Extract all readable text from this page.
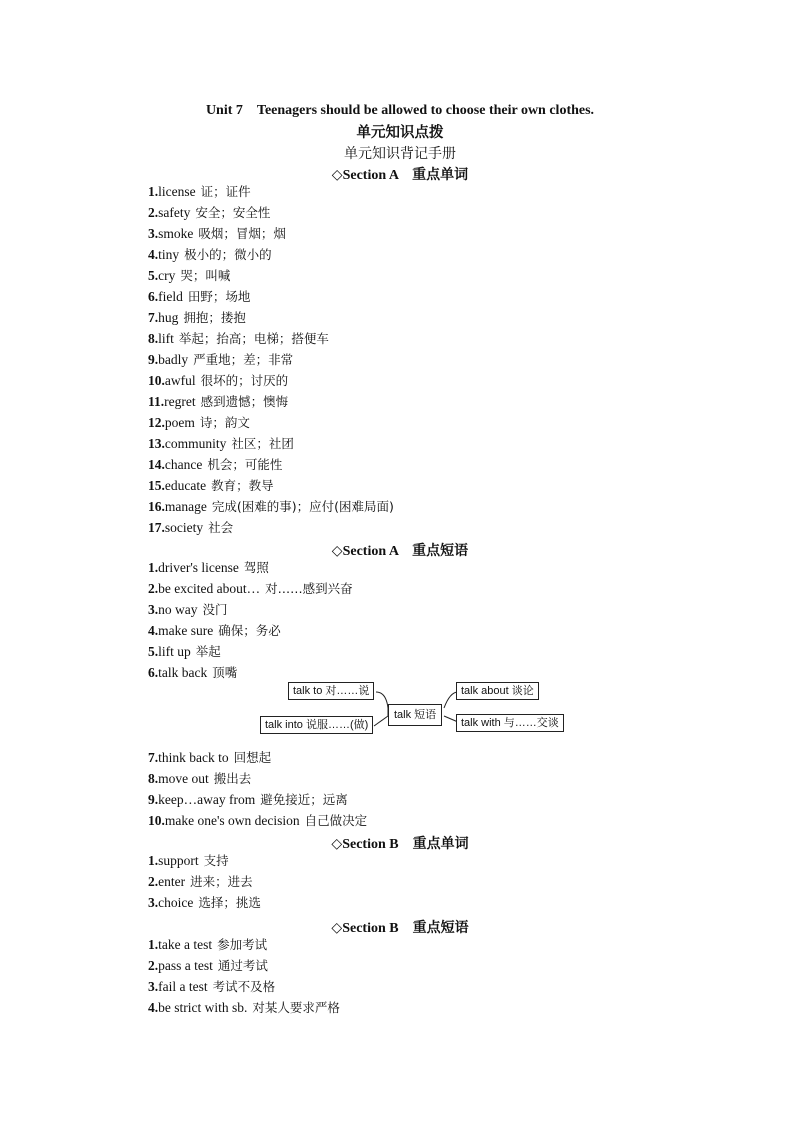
Unit 7　Teenagers should be allowed to choose their own clothes.
单元知识点拨
单元知识背记手册
◇Section A　重点单词
1.license 证；证件
2.safety 安全；安全性
3.smoke 吸烟；冒烟；烟
4.tiny 极小的；微小的
5.cry 哭；叫喊
6.field 田野；场地
7.hug 拥抱；搂抱
8.lift 举起；抬高；电梯；搭便车
9.badly 严重地；差；非常
10.awful 很坏的；讨厌的
11.regret 感到遗憾；懊悔
12.poem 诗；韵文
13.community 社区；社团
14.chance 机会；可能性
15.educate 教育；教导
16.manage 完成(困难的事)；应付(困难局面)
17.society 社会
◇Section A　重点短语
1.driver's license 驾照
2.be excited about… 对……感到兴奋
3.no way 没门
4.make sure 确保；务必
5.lift up 举起
6.talk back 顶嘴
7.think back to 回想起
8.move out 搬出去
9.keep…away from 避免接近；远离
10.make one's own decision 自己做决定
◇Section B　重点单词
1.support 支持
2.enter 进来；进去
3.choice 选择；挑选
◇Section B　重点短语
1.take a test 参加考试
2.pass a test 通过考试
3.fail a test 考试不及格
4.be strict with sb. 对某人要求严格
talk to 对……说
talk into 说服……(做)
talk 短语
talk about 谈论
talk with 与……交谈
